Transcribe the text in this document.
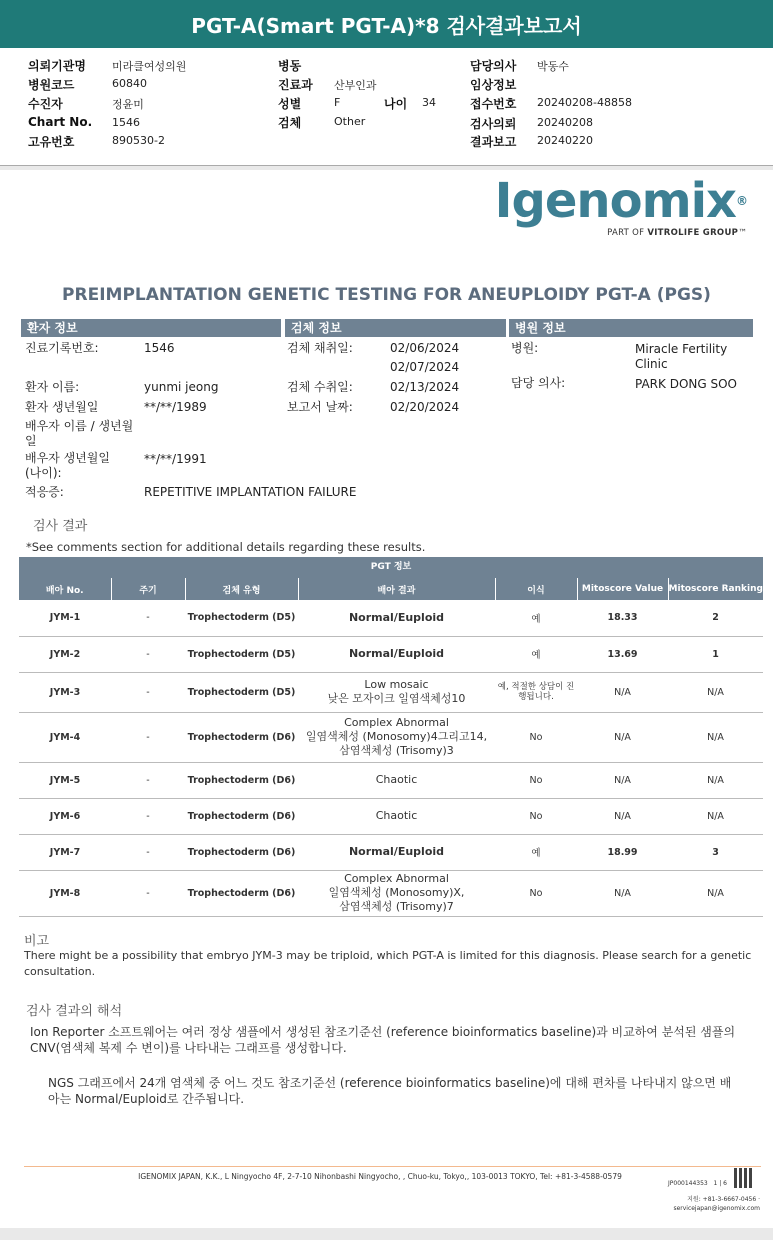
PGT-A(Smart PGT-A)*8 검사결과보고서
의뢰기관명 미라클여성의원
병원코드	60840
수진자	정윤미
Chart No. 1546
고유번호	890530-2
병동
진료과 산부인과
성별	F	나이 34
검체	Other
담당의사 박동수
임상정보
접수번호 20240208-48858
검사의뢰 20240208
결과보고 20240220
Igenomix®
PART OF VITROLIFE GROUP™
PREIMPLANTATION GENETIC TESTING FOR ANEUPLOIDY PGT-A (PGS)
환자 정보	검체 정보	병원 정보
진료기록번호:	1546
환자 이름:	yunmi jeong
환자 생년월일	**/**/1989
배우자 이름 / 생년월일
배우자 생년월일 (나이):
**/**/1991
적응증:	REPETITIVE IMPLANTATION FAILURE
검체 채취일:	02/06/2024
02/07/2024
검체 수취일:	02/13/2024
보고서 날짜:	02/20/2024
병원:	Miracle Fertility Clinic
담당 의사:	PARK DONG SOO
검사 결과
*See comments section for additional details regarding these results.
PGT 정보
배아 No.	주기	검체 유형	배아 결과	이식	Mitoscore Value	Mitoscore Ranking
JYM-1	-	Trophectoderm (D5)	Normal/Euploid	예	18.33	2
JYM-2	-	Trophectoderm (D5)	Normal/Euploid	예	13.69	1
JYM-3	-	Trophectoderm (D5)	Low mosaic
낮은 모자이크 일염색체성10	예, 적절한 상담이 진행됩니다.	N/A	N/A
JYM-4	-	Trophectoderm (D6)	Complex Abnormal
일염색체성 (Monosomy)4그리고14,
삼염색체성 (Trisomy)3	No	N/A	N/A
JYM-5	-	Trophectoderm (D6)	Chaotic	No	N/A	N/A
JYM-6	-	Trophectoderm (D6)	Chaotic	No	N/A	N/A
JYM-7	-	Trophectoderm (D6)	Normal/Euploid	예	18.99	3
JYM-8	-	Trophectoderm (D6)	Complex Abnormal
일염색체성 (Monosomy)X,
삼염색체성 (Trisomy)7	No	N/A	N/A
비고
There might be a possibility that embryo JYM-3 may be triploid, which PGT-A is limited for this diagnosis. Please search for a genetic consultation.
검사 결과의 해석
Ion Reporter 소프트웨어는 여러 정상 샘플에서 생성된 참조기준선 (reference bioinformatics baseline)과 비교하여 분석된 샘플의 CNV(염색체 복제 수 변이)를 나타내는 그래프를 생성합니다.
NGS 그래프에서 24개 염색체 중 어느 것도 참조기준선 (reference bioinformatics baseline)에 대해 편차를 나타내지 않으면 배아는 Normal/Euploid로 간주됩니다.
IGENOMIX JAPAN, K.K., L Ningyocho 4F, 2-7-10 Nihonbashi Ningyocho, , Chuo-ku, Tokyo,, 103-0013 TOKYO, Tel: +81-3-4588-0579
JP000144353 1 | 6
지원: +81-3-6667-0456 ·
servicejapan@igenomix.com
